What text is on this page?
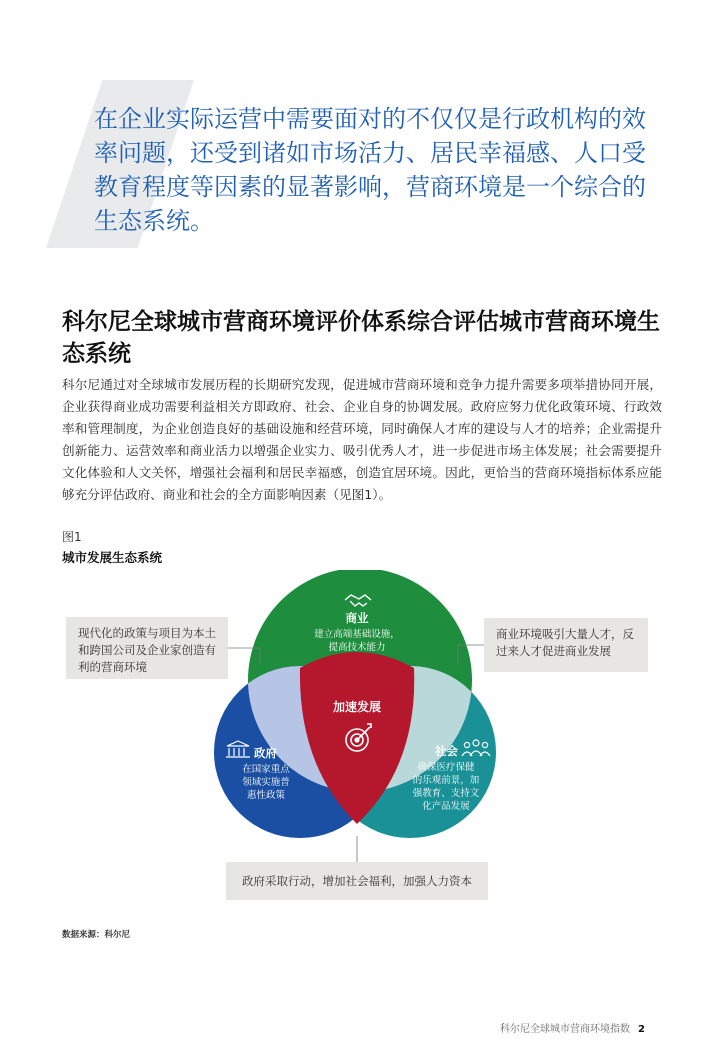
在企业实际运营中需要面对的不仅仅是行政机构的效率问题，还受到诸如市场活力、居民幸福感、人口受教育程度等因素的显著影响，营商环境是一个综合的生态系统。

科尔尼全球城市营商环境评价体系综合评估城市营商环境生态系统

科尔尼通过对全球城市发展历程的长期研究发现，促进城市营商环境和竞争力提升需要多项举措协同开展，企业获得商业成功需要利益相关方即政府、社会、企业自身的协调发展。政府应努力优化政策环境、行政效率和管理制度，为企业创造良好的基础设施和经营环境，同时确保人才库的建设与人才的培养；企业需提升创新能力、运营效率和商业活力以增强企业实力、吸引优秀人才，进一步促进市场主体发展；社会需要提升文化体验和人文关怀，增强社会福利和居民幸福感，创造宜居环境。因此，更恰当的营商环境指标体系应能够充分评估政府、商业和社会的全方面影响因素（见图1）。

图1
城市发展生态系统
商业
建立高端基础设施，
提高技术能力
加速发展
政府
在国家重点
领域实施普
惠性政策
社会
确保医疗保健
的乐观前景，加
强教育、支持文
化产品发展
现代化的政策与项目为本土和跨国公司及企业家创造有利的营商环境
商业环境吸引大量人才，反过来人才促进商业发展
政府采取行动，增加社会福利，加强人力资本
数据来源：科尔尼
科尔尼全球城市营商环境指数 2
